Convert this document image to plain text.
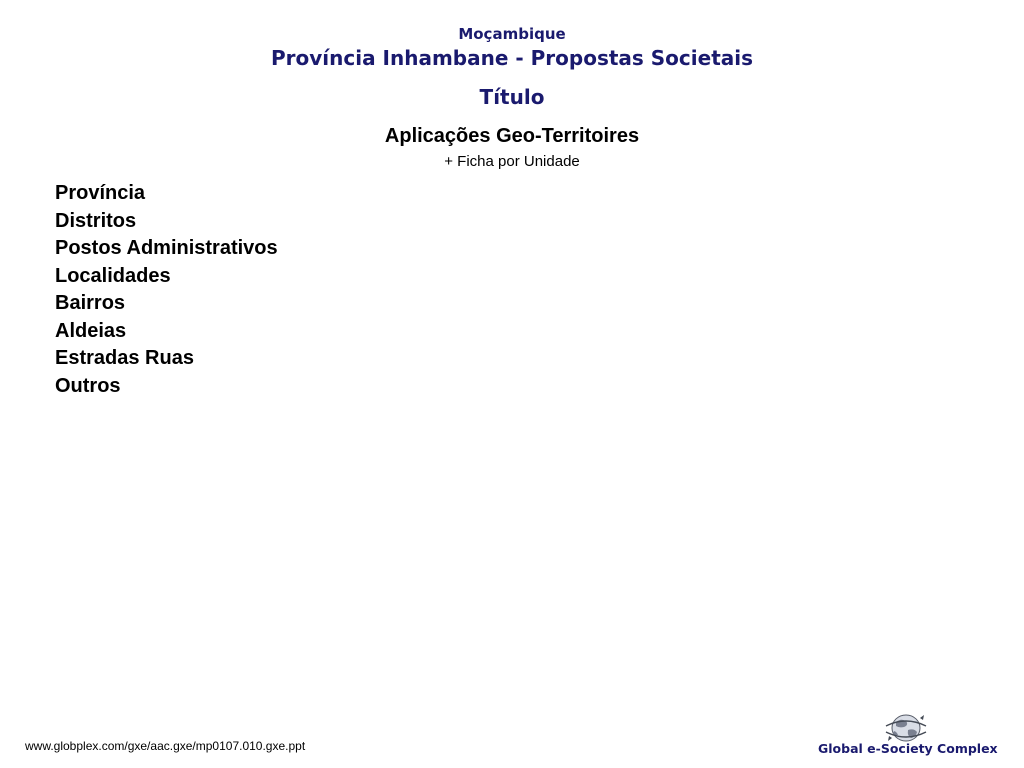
Moçambique
Província Inhambane - Propostas Societais
Título
Aplicações Geo-Territoires
+ Ficha por Unidade
Província
Distritos
Postos Administrativos
Localidades
Bairros
Aldeias
Estradas Ruas
Outros
www.globplex.com/gxe/aac.gxe/mp0107.010.gxe.ppt	Global e-Society Complex
